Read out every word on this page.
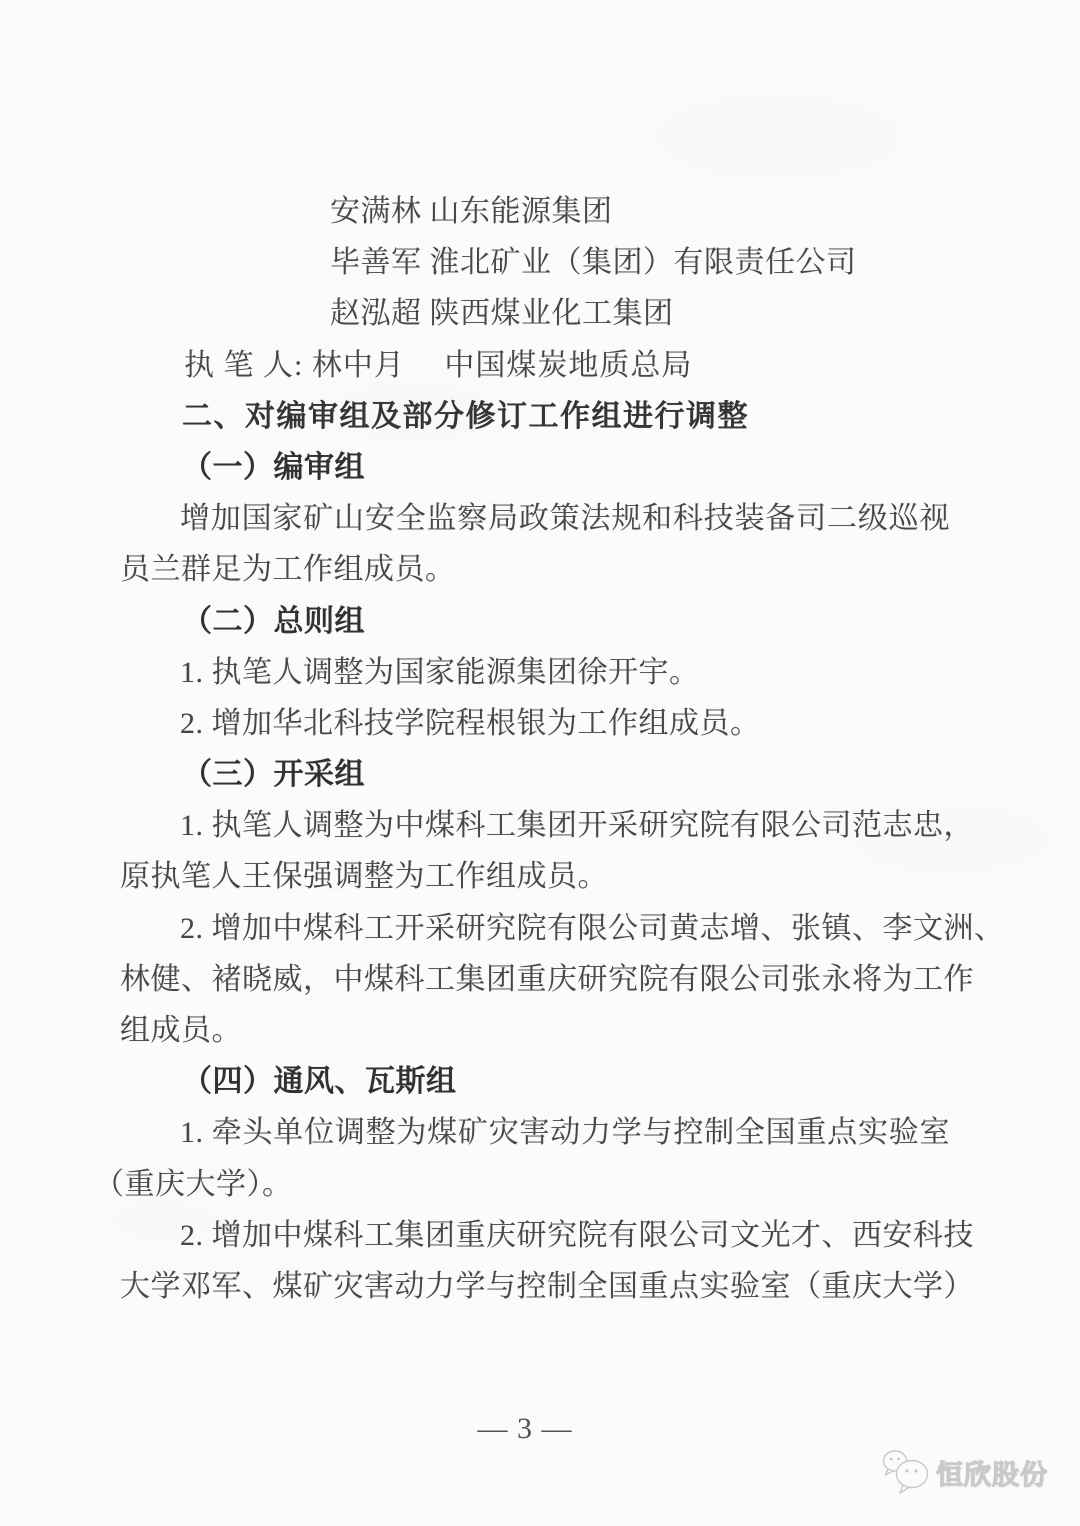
安满林 山东能源集团
毕善军 淮北矿业（集团）有限责任公司
赵泓超 陕西煤业化工集团
执 笔 人: 林中月　 中国煤炭地质总局
二、对编审组及部分修订工作组进行调整
（一）编审组
增加国家矿山安全监察局政策法规和科技装备司二级巡视
员兰群足为工作组成员。
（二）总则组
1. 执笔人调整为国家能源集团徐开宇。
2. 增加华北科技学院程根银为工作组成员。
（三）开采组
1. 执笔人调整为中煤科工集团开采研究院有限公司范志忠，
原执笔人王保强调整为工作组成员。
2. 增加中煤科工开采研究院有限公司黄志增、张镇、李文洲、
林健、褚晓威，中煤科工集团重庆研究院有限公司张永将为工作
组成员。
（四）通风、瓦斯组
1. 牵头单位调整为煤矿灾害动力学与控制全国重点实验室
（重庆大学）。
2. 增加中煤科工集团重庆研究院有限公司文光才、西安科技
大学邓军、煤矿灾害动力学与控制全国重点实验室（重庆大学）
— 3 —
恒欣股份
